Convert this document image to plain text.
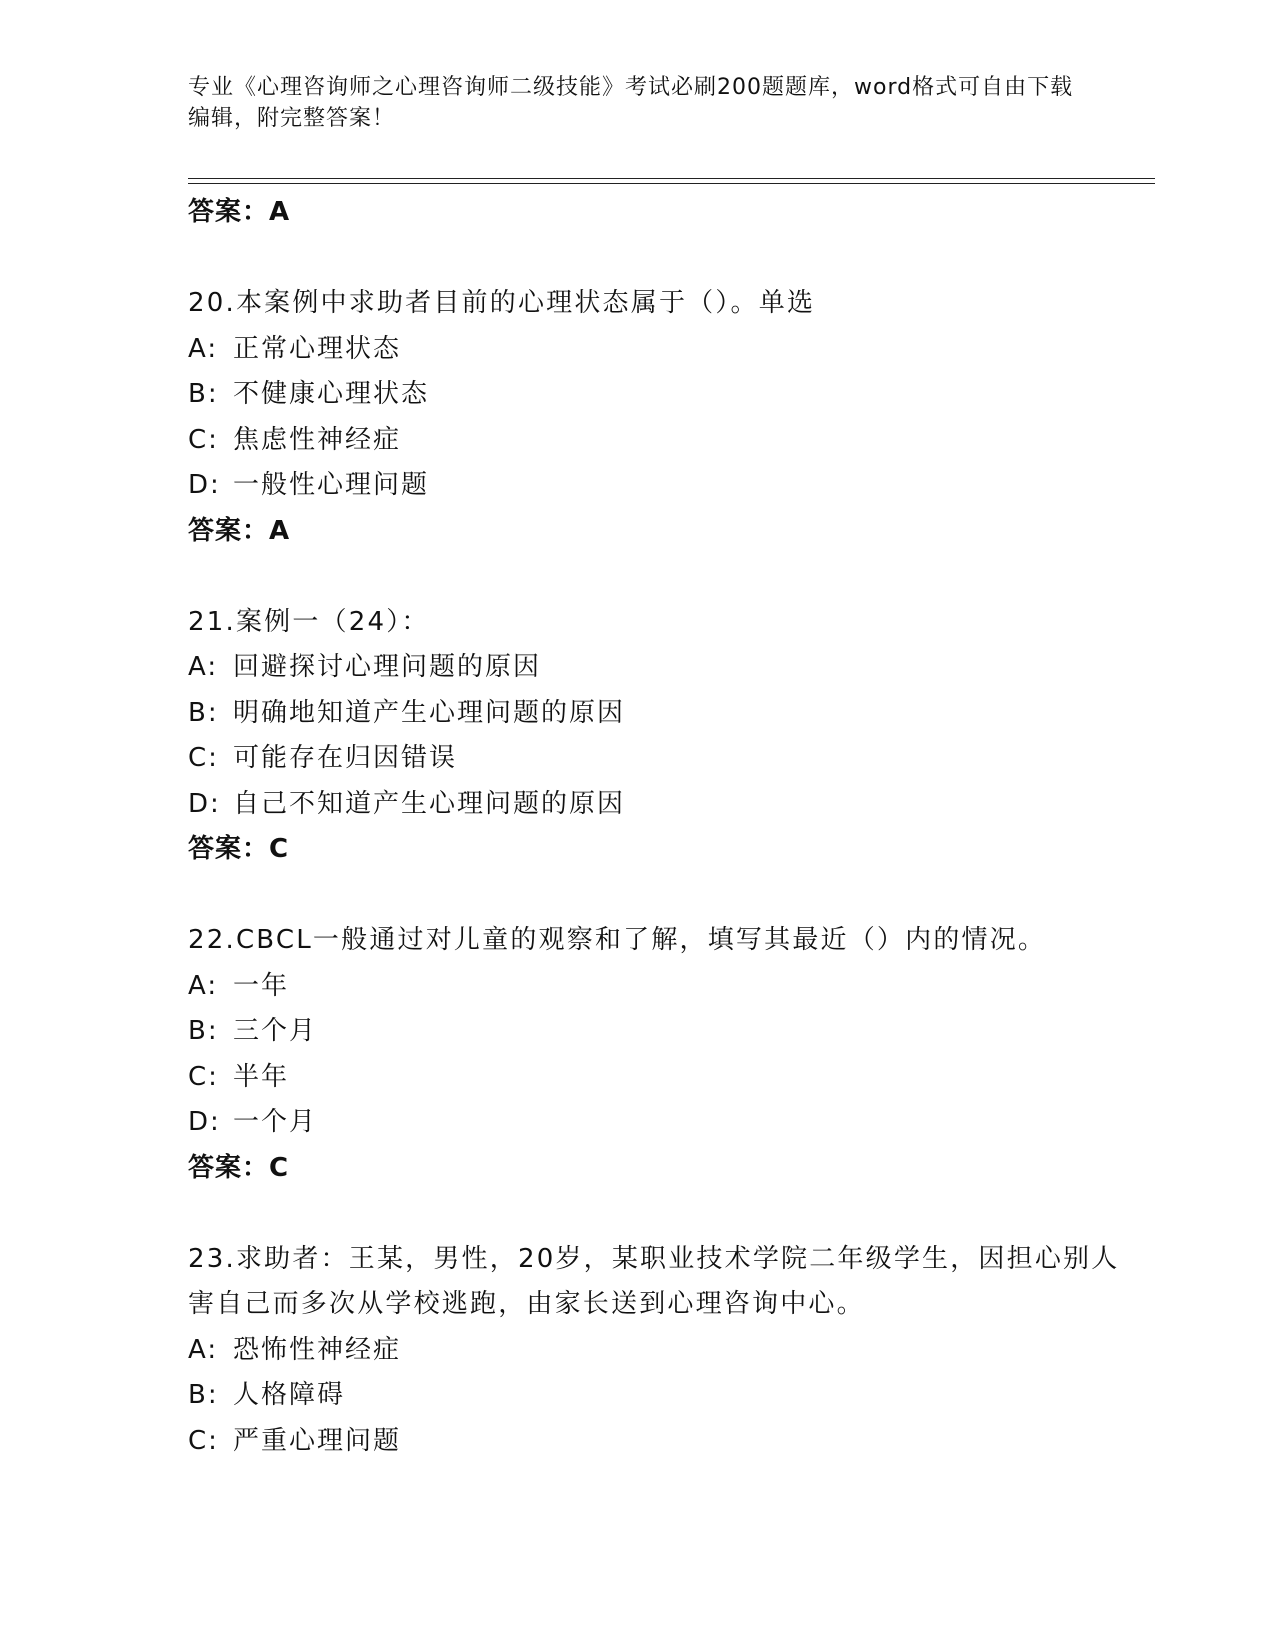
专业《心理咨询师之心理咨询师二级技能》考试必刷200题题库，word格式可自由下载编辑，附完整答案！
答案：A
20.本案例中求助者目前的心理状态属于（）。单选
A: 正常心理状态
B: 不健康心理状态
C: 焦虑性神经症
D: 一般性心理问题
答案：A
21.案例一（24）：
A: 回避探讨心理问题的原因
B: 明确地知道产生心理问题的原因
C: 可能存在归因错误
D: 自己不知道产生心理问题的原因
答案：C
22.CBCL一般通过对儿童的观察和了解，填写其最近（）内的情况。
A: 一年
B: 三个月
C: 半年
D: 一个月
答案：C
23.求助者：王某，男性，20岁，某职业技术学院二年级学生，因担心别人害自己而多次从学校逃跑，由家长送到心理咨询中心。
A: 恐怖性神经症
B: 人格障碍
C: 严重心理问题
